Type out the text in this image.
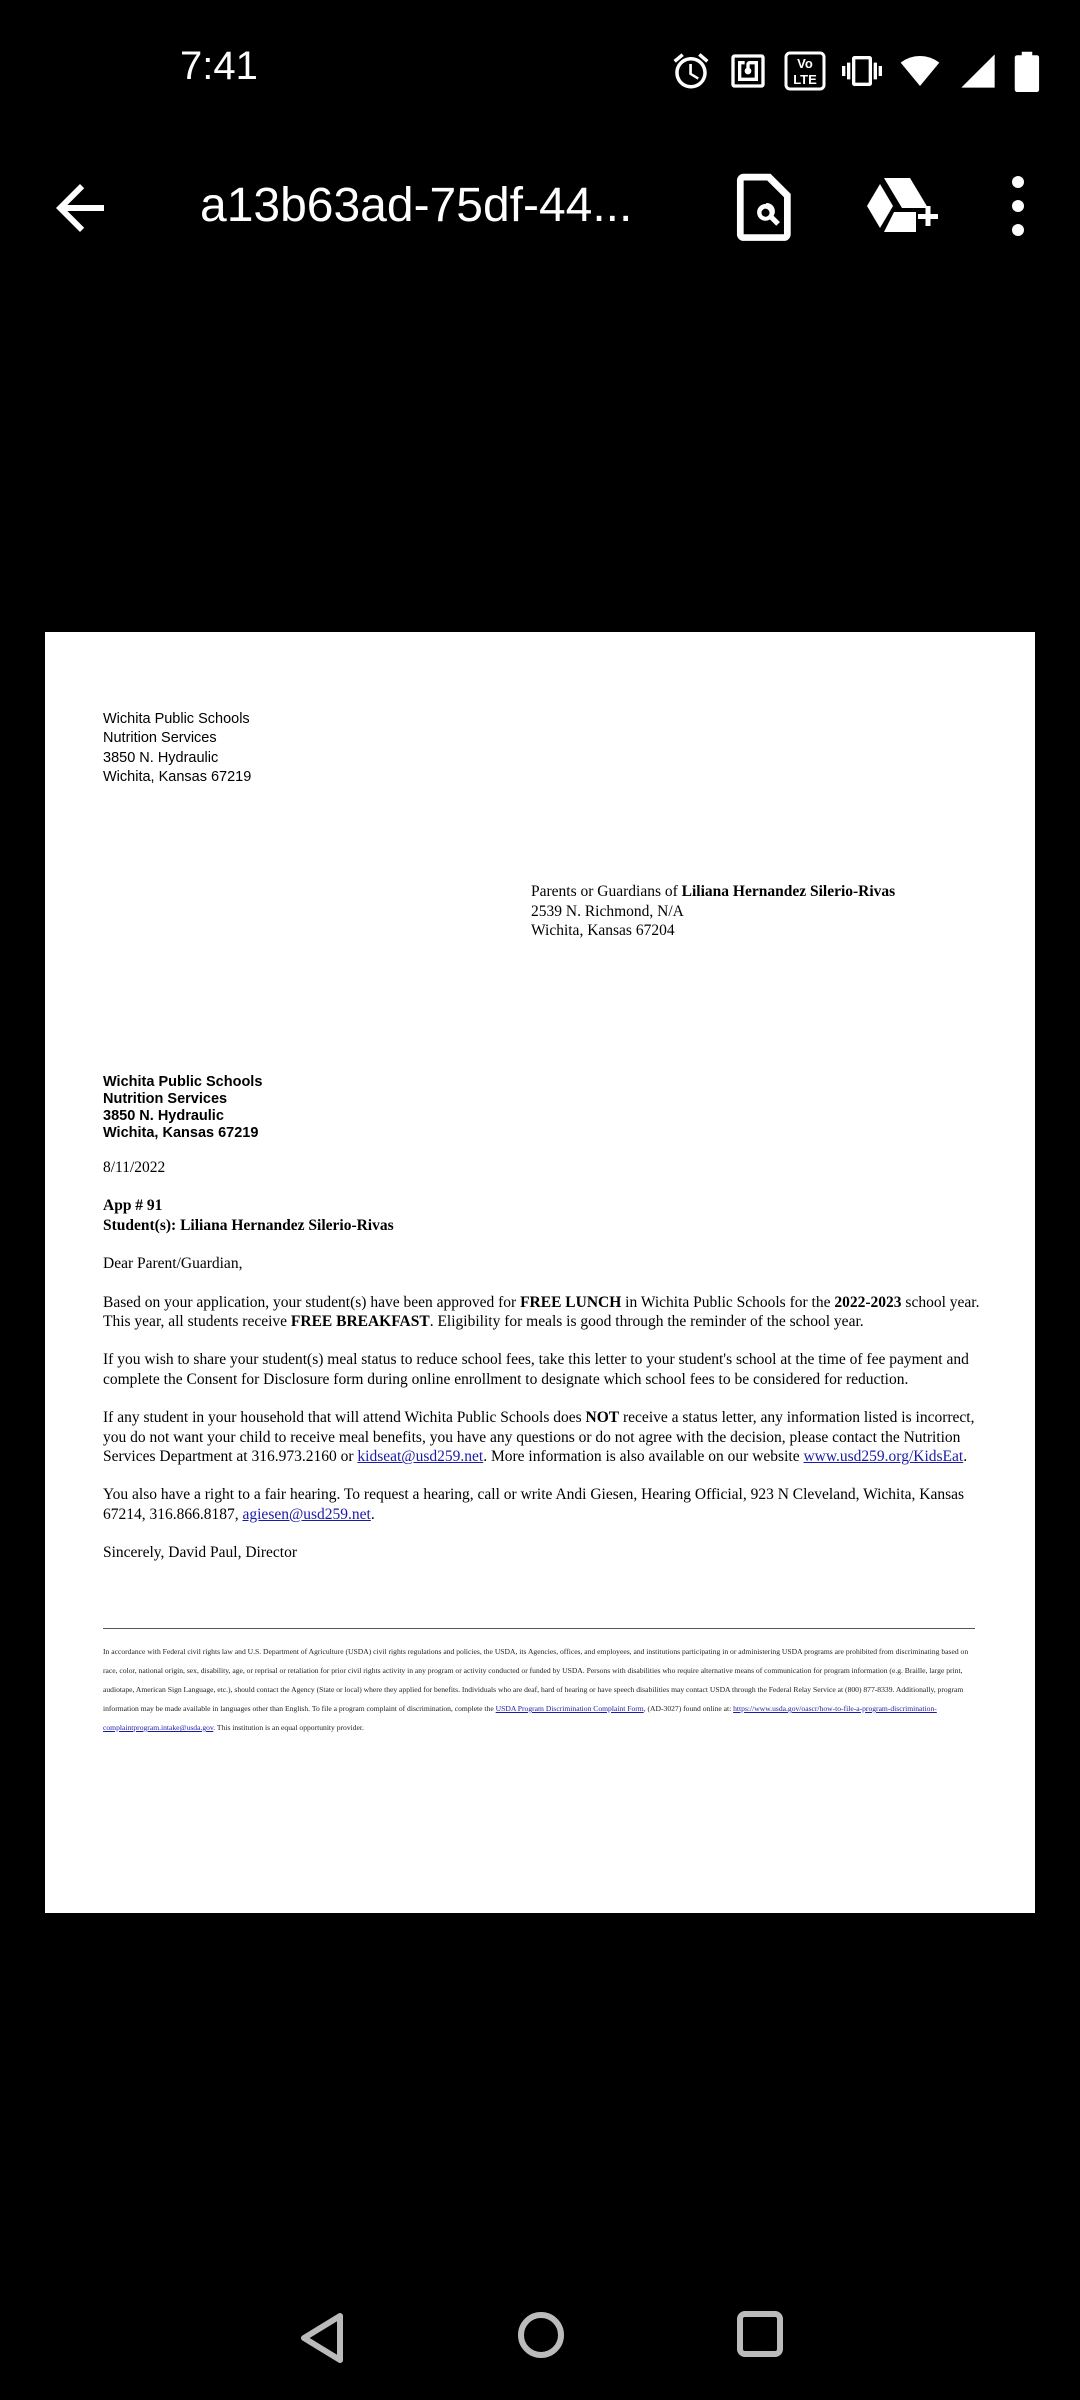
7:41	Vo
LTE
a13b63ad-75df-44...
Wichita Public Schools
Nutrition Services
3850 N. Hydraulic
Wichita, Kansas 67219
Parents or Guardians of Liliana Hernandez Silerio-Rivas
2539 N. Richmond, N/A
Wichita, Kansas 67204
Wichita Public Schools
Nutrition Services
3850 N. Hydraulic
Wichita, Kansas 67219

8/11/2022

App # 91

Student(s): Liliana Hernandez Silerio-Rivas

Dear Parent/Guardian,

Based on your application, your student(s) have been approved for FREE LUNCH in Wichita Public Schools for the 2022-2023 school year. This year, all students receive FREE BREAKFAST. Eligibility for meals is good through the reminder of the school year.

If you wish to share your student(s) meal status to reduce school fees, take this letter to your student's school at the time of fee payment and complete the Consent for Disclosure form during online enrollment to designate which school fees to be considered for reduction.

If any student in your household that will attend Wichita Public Schools does NOT receive a status letter, any information listed is incorrect, you do not want your child to receive meal benefits, you have any questions or do not agree with the decision, please contact the Nutrition Services Department at 316.973.2160 or kidseat@usd259.net. More information is also available on our website www.usd259.org/KidsEat.

You also have a right to a fair hearing. To request a hearing, call or write Andi Giesen, Hearing Official, 923 N Cleveland, Wichita, Kansas 67214, 316.866.8187, agiesen@usd259.net.

Sincerely, David Paul, Director

In accordance with Federal civil rights law and U.S. Department of Agriculture (USDA) civil rights regulations and policies, the USDA, its Agencies, offices, and employees, and institutions participating in or administering USDA programs are prohibited from discriminating based on race, color, national origin, sex, disability, age, or reprisal or retaliation for prior civil rights activity in any program or activity conducted or funded by USDA. Persons with disabilities who require alternative means of communication for program information (e.g. Braille, large print, audiotape, American Sign Language, etc.), should contact the Agency (State or local) where they applied for benefits. Individuals who are deaf, hard of hearing or have speech disabilities may contact USDA through the Federal Relay Service at (800) 877-8339. Additionally, program information may be made available in languages other than English. To file a program complaint of discrimination, complete the USDA Program Discrimination Complaint Form, (AD-3027) found online at: https://www.usda.gov/oascr/how-to-file-a-program-discrimination-complaintprogram.intake@usda.gov. This institution is an equal opportunity provider.
